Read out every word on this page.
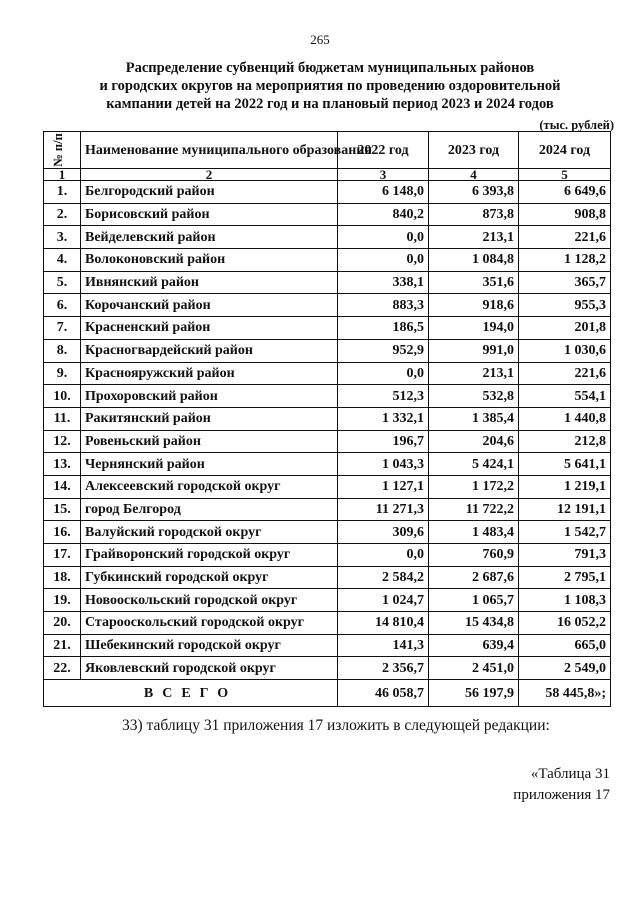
265
Распределение субвенций бюджетам муниципальных районов
и городских округов на мероприятия по проведению оздоровительной
кампании детей на 2022 год и на плановый период 2023 и 2024 годов
(тыс. рублей)
№ п/п	Наименование муниципального образования	2022 год	2023 год	2024 год
1	2	3	4	5
1.	Белгородский район	6 148,0	6 393,8	6 649,6
2.	Борисовский район	840,2	873,8	908,8
3.	Вейделевский район	0,0	213,1	221,6
4.	Волоконовский район	0,0	1 084,8	1 128,2
5.	Ивнянский район	338,1	351,6	365,7
6.	Корочанский район	883,3	918,6	955,3
7.	Красненский район	186,5	194,0	201,8
8.	Красногвардейский район	952,9	991,0	1 030,6
9.	Краснояружский район	0,0	213,1	221,6
10.	Прохоровский район	512,3	532,8	554,1
11.	Ракитянский район	1 332,1	1 385,4	1 440,8
12.	Ровеньский район	196,7	204,6	212,8
13.	Чернянский район	1 043,3	5 424,1	5 641,1
14.	Алексеевский городской округ	1 127,1	1 172,2	1 219,1
15.	город Белгород	11 271,3	11 722,2	12 191,1
16.	Валуйский городской округ	309,6	1 483,4	1 542,7
17.	Грайворонский городской округ	0,0	760,9	791,3
18.	Губкинский городской округ	2 584,2	2 687,6	2 795,1
19.	Новооскольский городской округ	1 024,7	1 065,7	1 108,3
20.	Старооскольский городской округ	14 810,4	15 434,8	16 052,2
21.	Шебекинский городской округ	141,3	639,4	665,0
22.	Яковлевский городской округ	2 356,7	2 451,0	2 549,0
ВСЕГО		46 058,7	56 197,9	58 445,8»;
33) таблицу 31 приложения 17 изложить в следующей редакции:
«Таблица 31
приложения 17
